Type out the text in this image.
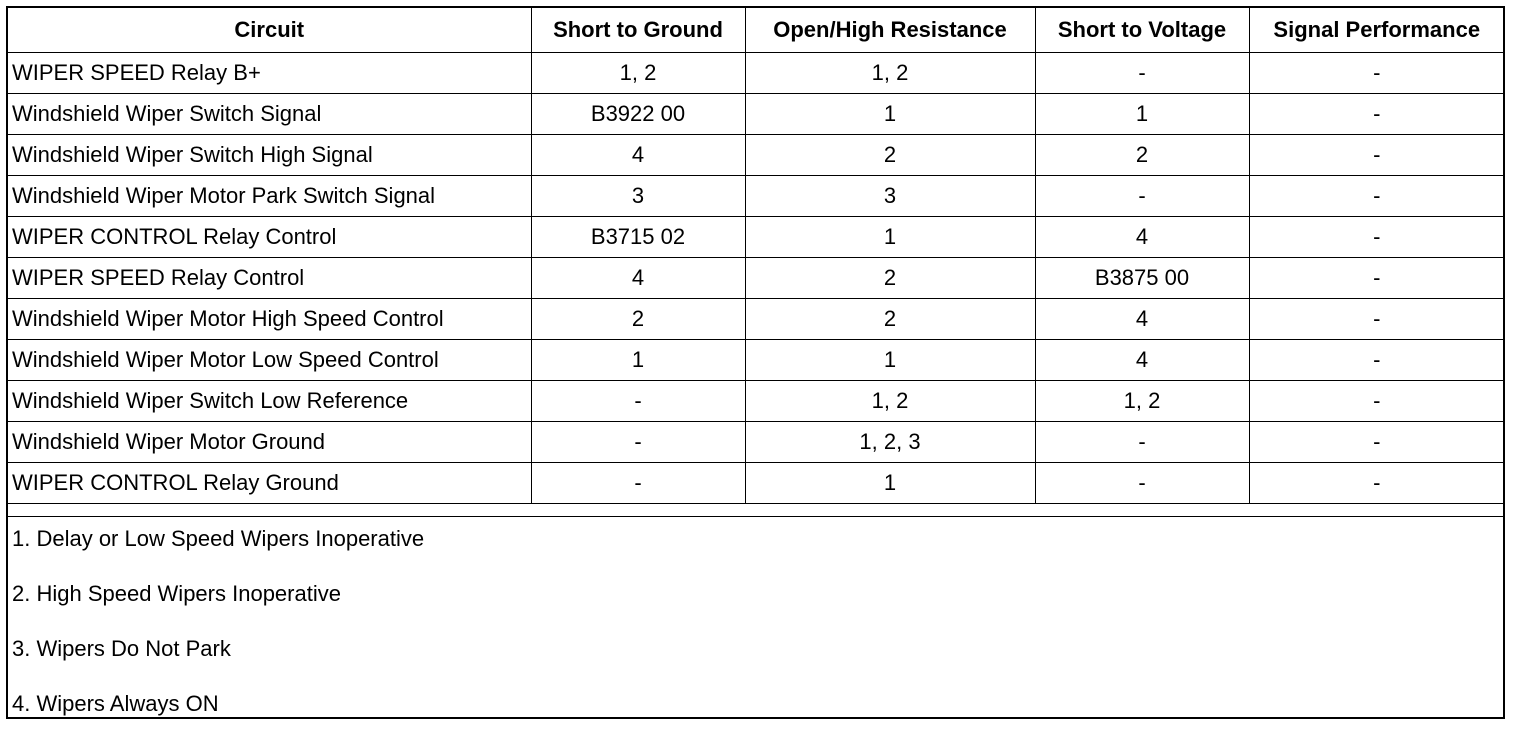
Circuit	Short to Ground	Open/High Resistance	Short to Voltage	Signal Performance
WIPER SPEED Relay B+	1, 2	1, 2	-	-
Windshield Wiper Switch Signal	B3922 00	1	1	-
Windshield Wiper Switch High Signal	4	2	2	-
Windshield Wiper Motor Park Switch Signal	3	3	-	-
WIPER CONTROL Relay Control	B3715 02	1	4	-
WIPER SPEED Relay Control	4	2	B3875 00	-
Windshield Wiper Motor High Speed Control	2	2	4	-
Windshield Wiper Motor Low Speed Control	1	1	4	-
Windshield Wiper Switch Low Reference	-	1, 2	1, 2	-
Windshield Wiper Motor Ground	-	1, 2, 3	-	-
WIPER CONTROL Relay Ground	-	1	-	-
1. Delay or Low Speed Wipers Inoperative
2. High Speed Wipers Inoperative
3. Wipers Do Not Park
4. Wipers Always ON
